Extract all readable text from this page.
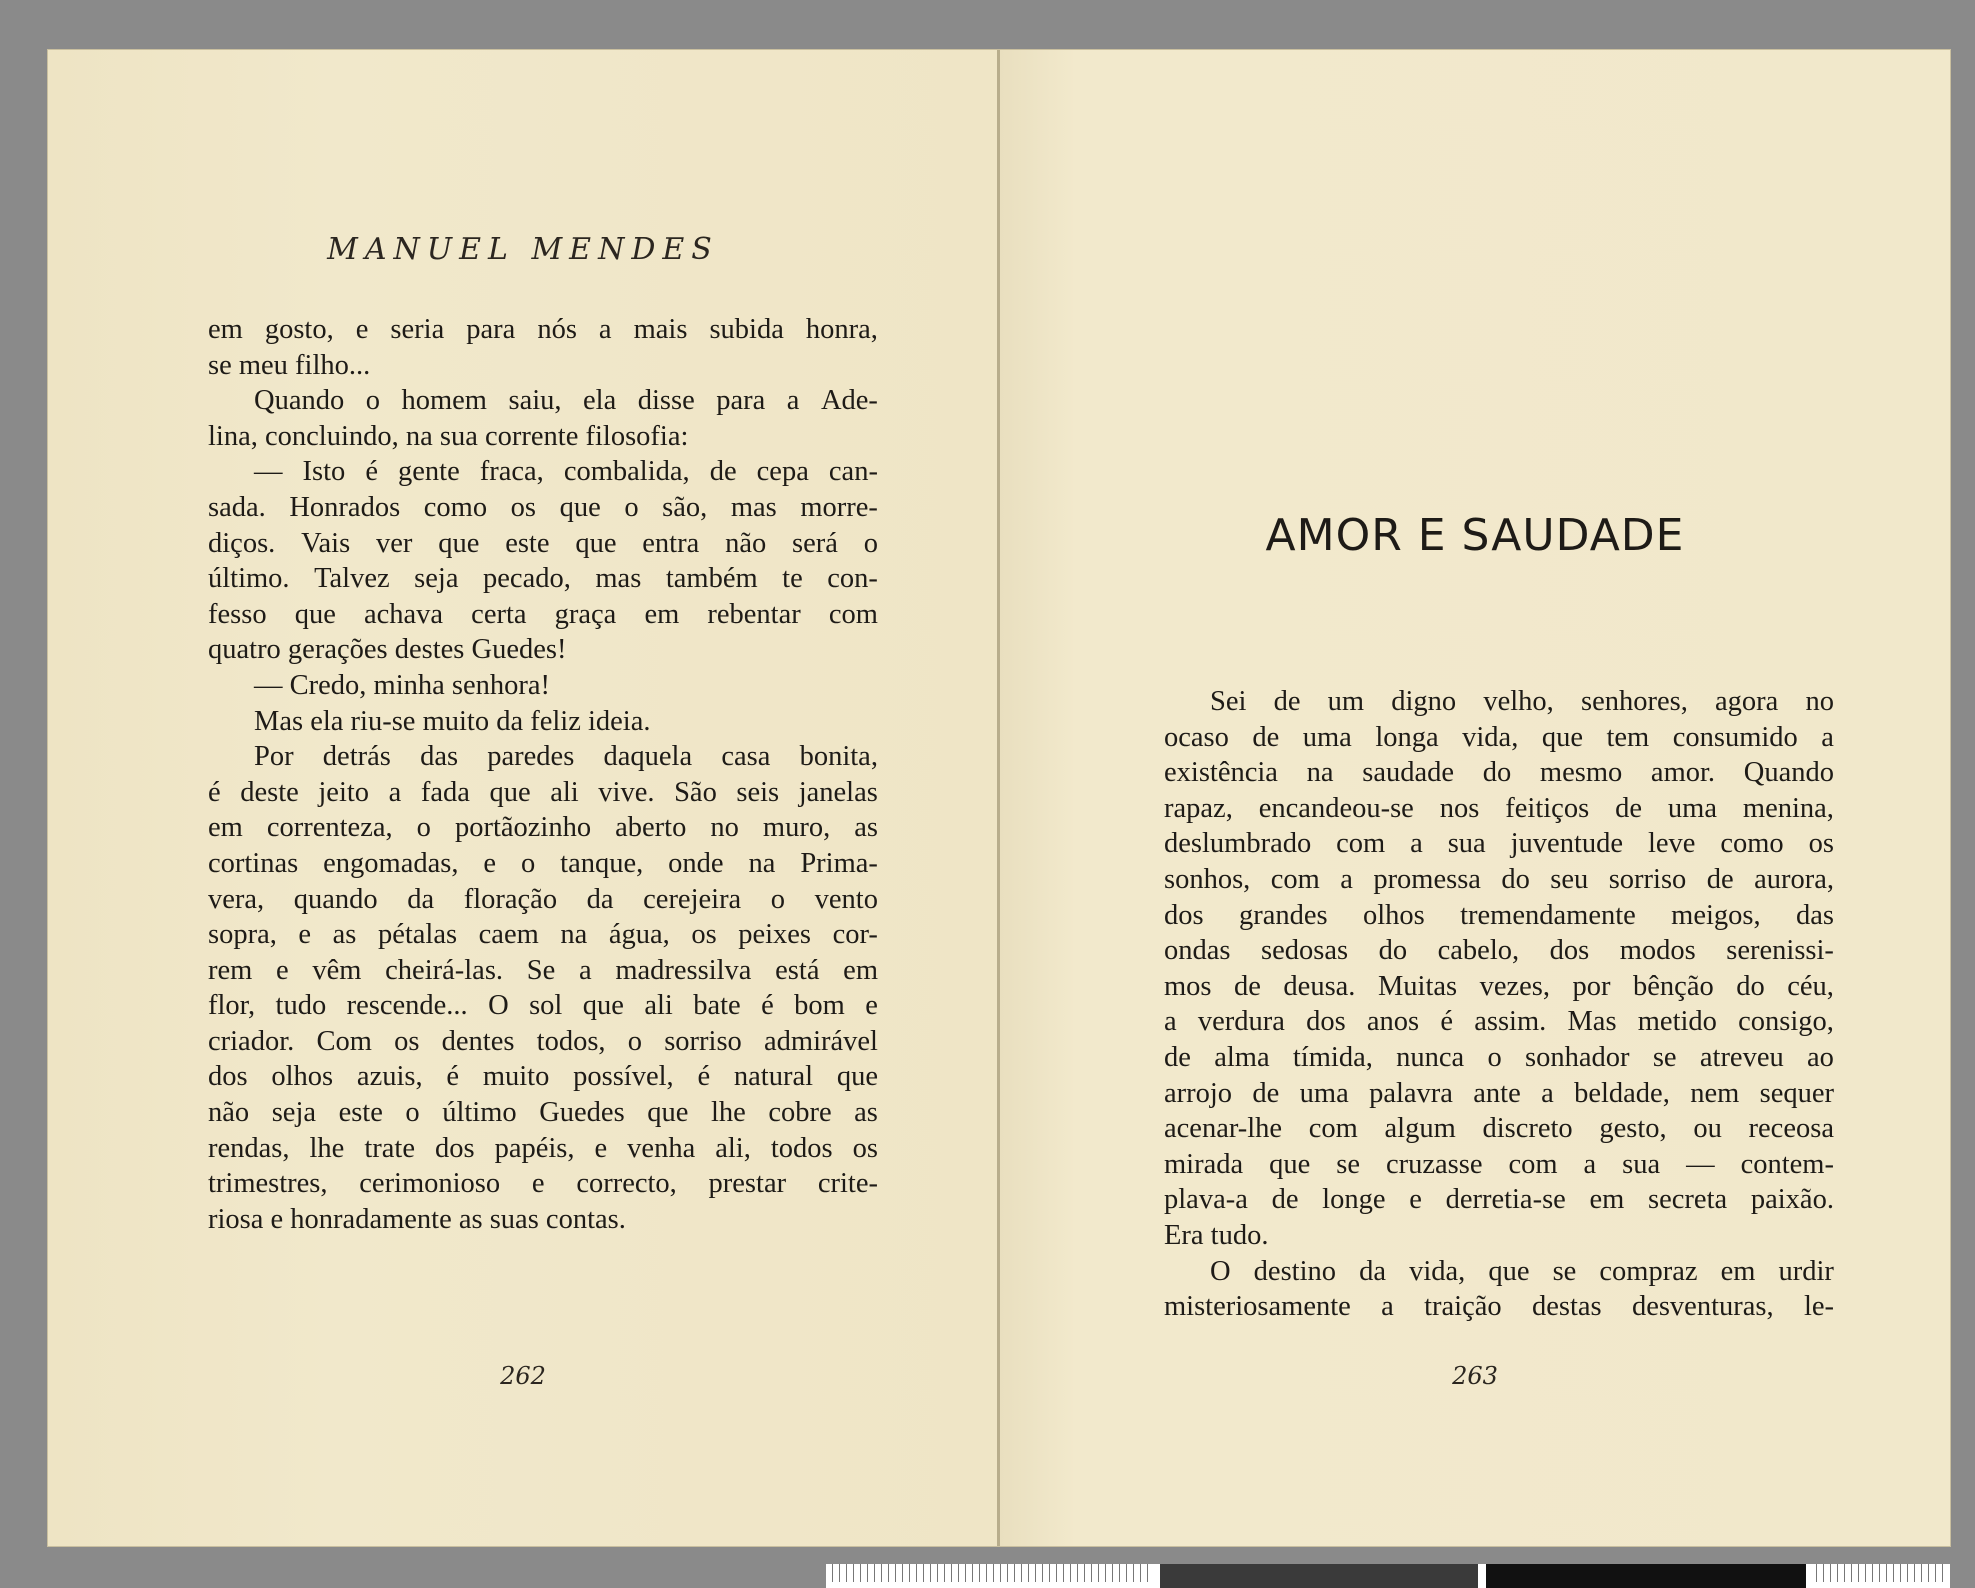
MANUEL MENDES
em gosto, e seria para nós a mais subida honra,
se meu filho...
Quando o homem saiu, ela disse para a Ade-
lina, concluindo, na sua corrente filosofia:
— Isto é gente fraca, combalida, de cepa can-
sada. Honrados como os que o são, mas morre-
diços. Vais ver que este que entra não será o
último. Talvez seja pecado, mas também te con-
fesso que achava certa graça em rebentar com
quatro gerações destes Guedes!
— Credo, minha senhora!
Mas ela riu-se muito da feliz ideia.
Por detrás das paredes daquela casa bonita,
é deste jeito a fada que ali vive. São seis janelas
em correnteza, o portãozinho aberto no muro, as
cortinas engomadas, e o tanque, onde na Prima-
vera, quando da floração da cerejeira o vento
sopra, e as pétalas caem na água, os peixes cor-
rem e vêm cheirá-las. Se a madressilva está em
flor, tudo rescende... O sol que ali bate é bom e
criador. Com os dentes todos, o sorriso admirável
dos olhos azuis, é muito possível, é natural que
não seja este o último Guedes que lhe cobre as
rendas, lhe trate dos papéis, e venha ali, todos os
trimestres, cerimonioso e correcto, prestar crite-
riosa e honradamente as suas contas.
262
AMOR E SAUDADE
Sei de um digno velho, senhores, agora no
ocaso de uma longa vida, que tem consumido a
existência na saudade do mesmo amor. Quando
rapaz, encandeou-se nos feitiços de uma menina,
deslumbrado com a sua juventude leve como os
sonhos, com a promessa do seu sorriso de aurora,
dos grandes olhos tremendamente meigos, das
ondas sedosas do cabelo, dos modos serenissi-
mos de deusa. Muitas vezes, por bênção do céu,
a verdura dos anos é assim. Mas metido consigo,
de alma tímida, nunca o sonhador se atreveu ao
arrojo de uma palavra ante a beldade, nem sequer
acenar-lhe com algum discreto gesto, ou receosa
mirada que se cruzasse com a sua — contem-
plava-a de longe e derretia-se em secreta paixão.
Era tudo.
O destino da vida, que se compraz em urdir
misteriosamente a traição destas desventuras, le-
263
